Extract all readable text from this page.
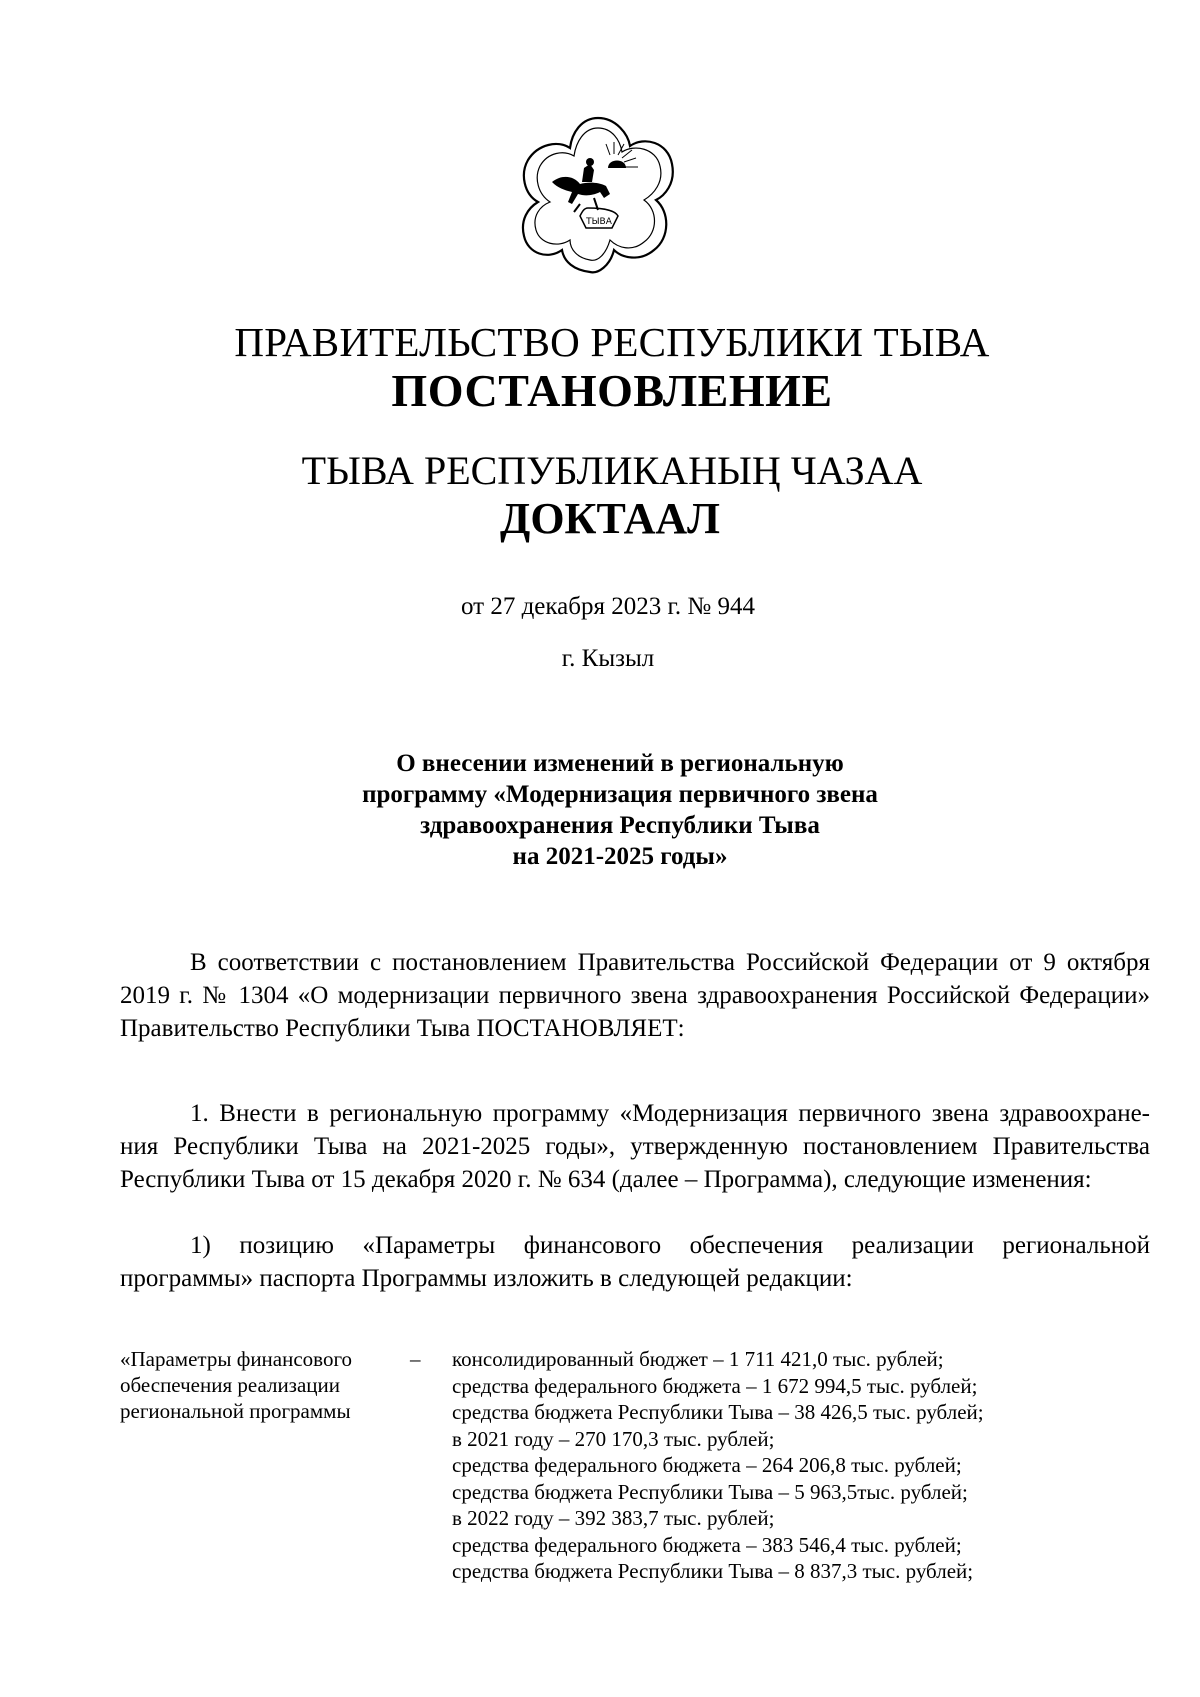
ТЫВА
ПРАВИТЕЛЬСТВО РЕСПУБЛИКИ ТЫВА
ПОСТАНОВЛЕНИЕ
ТЫВА РЕСПУБЛИКАНЫҢ ЧАЗАА
ДОКТААЛ
от 27 декабря 2023 г. № 944
г. Кызыл
О внесении изменений в региональную
программу «Модернизация первичного звена
здравоохранения Республики Тыва
на 2021-2025 годы»
В соответствии с постановлением Правительства Российской Федерации от 9 октября 2019 г. № 1304 «О модернизации первичного звена здравоохранения Российской Федерации» Правительство Республики Тыва ПОСТАНОВЛЯЕТ:
1. Внести в региональную программу «Модернизация первичного звена здравоохране-ния Республики Тыва на 2021-2025 годы», утвержденную постановлением Правительства Республики Тыва от 15 декабря 2020 г. № 634 (далее – Программа), следующие изменения:
1) позицию «Параметры финансового обеспечения реализации региональной программы» паспорта Программы изложить в следующей редакции:
«Параметры финансового обеспечения реализации региональной программы
– консолидированный бюджет – 1 711 421,0 тыс. рублей;
средства федерального бюджета – 1 672 994,5 тыс. рублей;
средства бюджета Республики Тыва – 38 426,5 тыс. рублей;
в 2021 году – 270 170,3 тыс. рублей;
средства федерального бюджета – 264 206,8 тыс. рублей;
средства бюджета Республики Тыва – 5 963,5тыс. рублей;
в 2022 году – 392 383,7 тыс. рублей;
средства федерального бюджета – 383 546,4 тыс. рублей;
средства бюджета Республики Тыва – 8 837,3 тыс. рублей;
